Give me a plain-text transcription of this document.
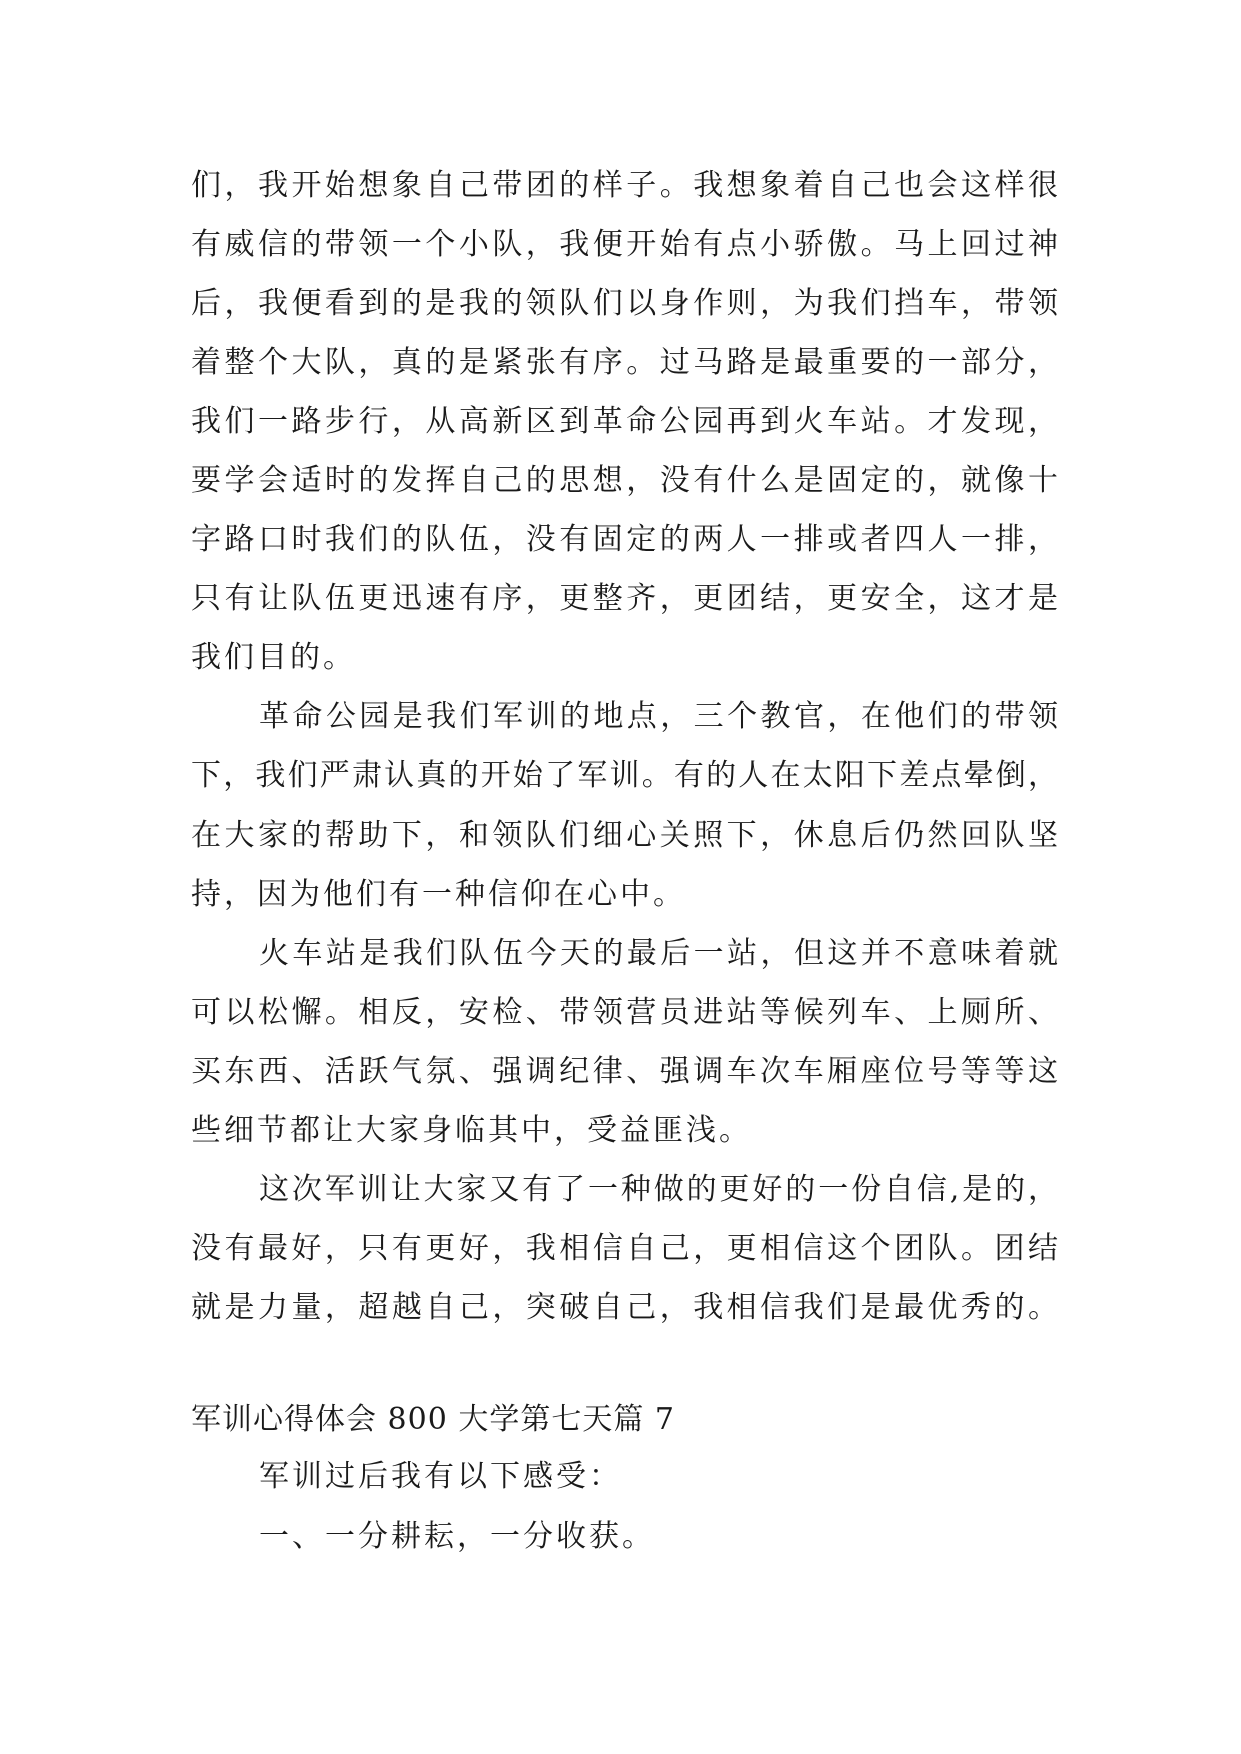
们，我开始想象自己带团的样子。我想象着自己也会这样很
有威信的带领一个小队，我便开始有点小骄傲。马上回过神
后，我便看到的是我的领队们以身作则，为我们挡车，带领
着整个大队，真的是紧张有序。过马路是最重要的一部分，
我们一路步行，从高新区到革命公园再到火车站。才发现，
要学会适时的发挥自己的思想，没有什么是固定的，就像十
字路口时我们的队伍，没有固定的两人一排或者四人一排，
只有让队伍更迅速有序，更整齐，更团结，更安全，这才是
我们目的。
革命公园是我们军训的地点，三个教官，在他们的带领
下，我们严肃认真的开始了军训。有的人在太阳下差点晕倒，
在大家的帮助下，和领队们细心关照下，休息后仍然回队坚
持，因为他们有一种信仰在心中。
火车站是我们队伍今天的最后一站，但这并不意味着就
可以松懈。相反，安检、带领营员进站等候列车、上厕所、
买东西、活跃气氛、强调纪律、强调车次车厢座位号等等这
些细节都让大家身临其中，受益匪浅。
这次军训让大家又有了一种做的更好的一份自信,是的，
没有最好，只有更好，我相信自己，更相信这个团队。团结
就是力量，超越自己，突破自己，我相信我们是最优秀的。
军训心得体会 800 大学第七天篇 7
军训过后我有以下感受：
一、一分耕耘，一分收获。
